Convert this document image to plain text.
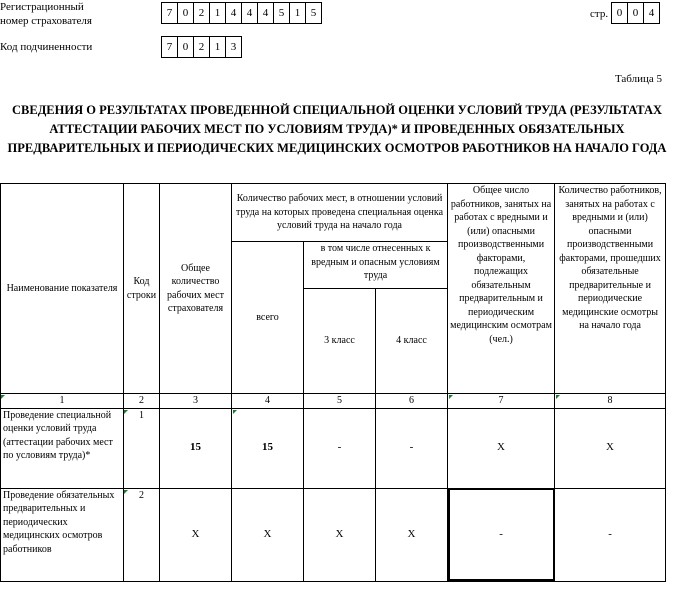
Регистрационный
номер страхователя
7 0 2 1 4 4 4 5 1 5	стр. 0 0 4
Код подчиненности	7 0 2 1 3
Таблица 5
СВЕДЕНИЯ О РЕЗУЛЬТАТАХ ПРОВЕДЕННОЙ СПЕЦИАЛЬНОЙ ОЦЕНКИ УСЛОВИЙ ТРУДА (РЕЗУЛЬТАТАХ АТТЕСТАЦИИ РАБОЧИХ МЕСТ ПО УСЛОВИЯМ ТРУДА)* И ПРОВЕДЕННЫХ ОБЯЗАТЕЛЬНЫХ ПРЕДВАРИТЕЛЬНЫХ И ПЕРИОДИЧЕСКИХ МЕДИЦИНСКИХ ОСМОТРОВ РАБОТНИКОВ НА НАЧАЛО ГОДА
Наименование показателя	Код строки	Общее количество рабочих мест страхователя	Количество рабочих мест, в отношении условий труда на которых проведена специальная оценка условий труда на начало года			Общее число работников, занятых на работах с вредными и (или) опасными производственными факторами, подлежащих обязательным предварительным и периодическим медицинским осмотрам (чел.)	Количество работников, занятых на работах с вредными и (или) опасными производственными факторами, прошедших обязательные предварительные и периодические медицинские осмотры на начало года
			всего	в том числе отнесенных к вредным и опасным условиям труда			
				3 класс	4 класс		
1	2	3	4	5	6	7	8
Проведение специальной оценки условий труда (аттестации рабочих мест по условиям труда)*	1	15	15	-	-	X	X
Проведение обязательных предварительных и периодических медицинских осмотров работников	2	X	X	X	X	-	-
